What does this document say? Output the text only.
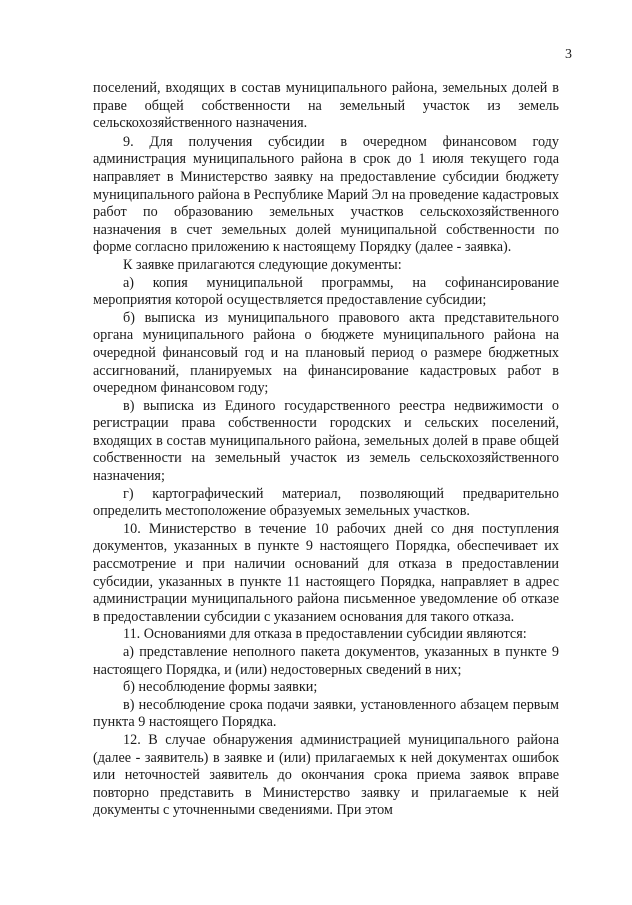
3

поселений, входящих в состав муниципального района, земельных долей в праве общей собственности на земельный участок из земель сельскохозяйственного назначения.

9. Для получения субсидии в очередном финансовом году администрация муниципального района в срок до 1 июля текущего года направляет в Министерство заявку на предоставление субсидии бюджету муниципального района в Республике Марий Эл на проведение кадастровых работ по образованию земельных участков сельскохозяйственного назначения в счет земельных долей муниципальной собственности по форме согласно приложению к настоящему Порядку (далее - заявка).

К заявке прилагаются следующие документы:

а) копия муниципальной программы, на софинансирование мероприятия которой осуществляется предоставление субсидии;

б) выписка из муниципального правового акта представительного органа муниципального района о бюджете муниципального района на очередной финансовый год и на плановый период о размере бюджетных ассигнований, планируемых на финансирование кадастровых работ в очередном финансовом году;

в) выписка из Единого государственного реестра недвижимости о регистрации права собственности городских и сельских поселений, входящих в состав муниципального района, земельных долей в праве общей собственности на земельный участок из земель сельскохозяйственного назначения;

г) картографический материал, позволяющий предварительно определить местоположение образуемых земельных участков.

10. Министерство в течение 10 рабочих дней со дня поступления документов, указанных в пункте 9 настоящего Порядка, обеспечивает их рассмотрение и при наличии оснований для отказа в предоставлении субсидии, указанных в пункте 11 настоящего Порядка, направляет в адрес администрации муниципального района письменное уведомление об отказе в предоставлении субсидии с указанием основания для такого отказа.

11. Основаниями для отказа в предоставлении субсидии являются:

а) представление неполного пакета документов, указанных в пункте 9 настоящего Порядка, и (или) недостоверных сведений в них;

б) несоблюдение формы заявки;

в) несоблюдение срока подачи заявки, установленного абзацем первым пункта 9 настоящего Порядка.

12. В случае обнаружения администрацией муниципального района (далее - заявитель) в заявке и (или) прилагаемых к ней документах ошибок или неточностей заявитель до окончания срока приема заявок вправе повторно представить в Министерство заявку и прилагаемые к ней документы с уточненными сведениями. При этом
